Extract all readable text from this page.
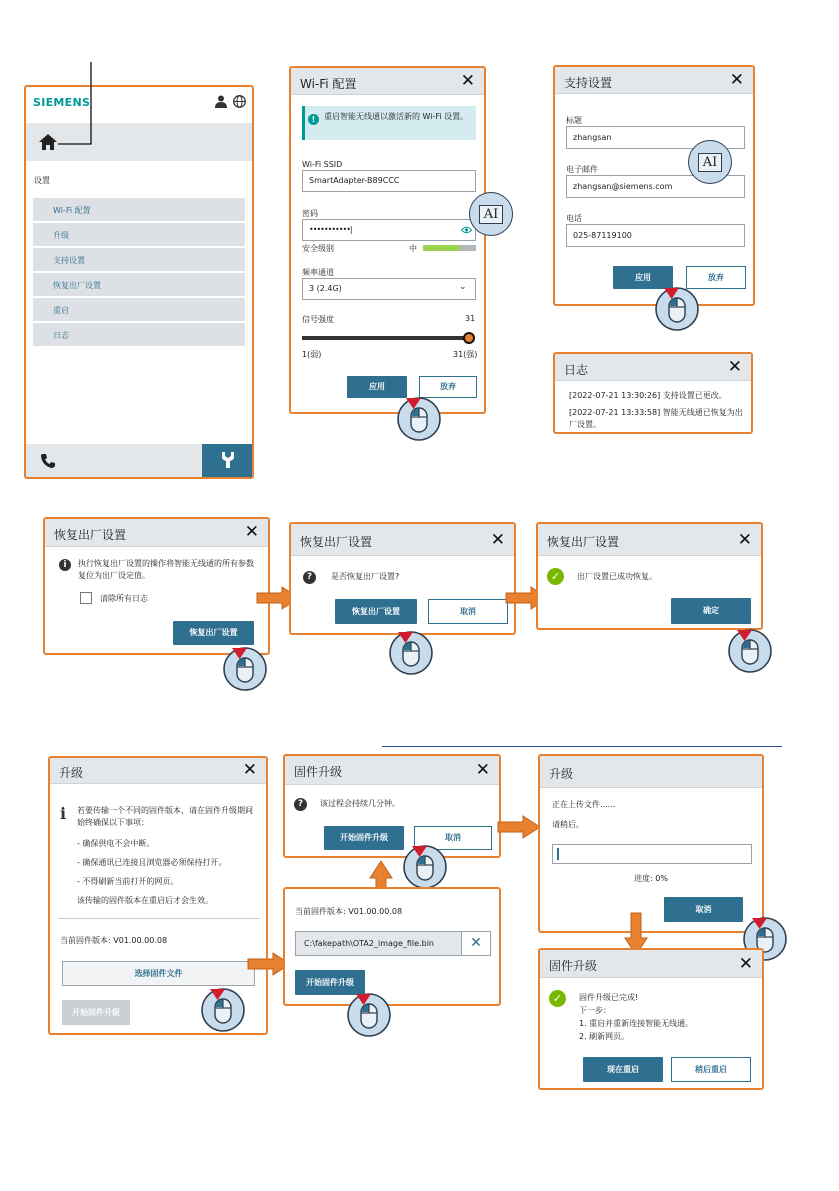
SIEMENS
设置
Wi-Fi 配置
升级
支持设置
恢复出厂设置
重启
日志
Wi-Fi 配置	✕
!	重启智能无线通以激活新的 Wi-Fi 设置。
Wi-Fi SSID
SmartAdapter-B89CCC
密码
•••••••••••|
安全级别	中
频率通道
3 (2.4G)	⌄
信号强度	31
1(弱)	31(强)
应用	放弃
AI
支持设置	✕
标题
zhangsan
电子邮件
zhangsan@siemens.com
电话
025-87119100
应用	放弃
AI
日志	✕
[2022-07-21 13:30:26] 支持设置已更改。
[2022-07-21 13:33:58] 智能无线通已恢复为出厂设置。
恢复出厂设置	✕
i	执行恢复出厂设置的操作将智能无线通的所有参数复位为出厂设定值。
清除所有日志
恢复出厂设置
恢复出厂设置	✕
?	是否恢复出厂设置?
恢复出厂设置	取消
恢复出厂设置	✕
✓	出厂设置已成功恢复。
确定
升级	✕
i 若要传输一个不同的固件版本，请在固件升级期间始终确保以下事项：
- 确保供电不会中断。
- 确保通讯已连接且浏览器必须保持打开。
- 不得刷新当前打开的网页。
该传输的固件版本在重启后才会生效。
当前固件版本: V01.00.00.08
选择固件文件
开始固件升级
固件升级	✕
?	该过程会持续几分钟。
开始固件升级	取消
当前固件版本: V01.00.00.08
C:\fakepath\OTA2_image_file.bin	✕
开始固件升级
升级
正在上传文件......
请稍后。
进度: 0%
取消
固件升级	✕
✓	固件升级已完成!
下一步：
1. 重启并重新连接智能无线通。
2. 刷新网页。
现在重启	稍后重启
